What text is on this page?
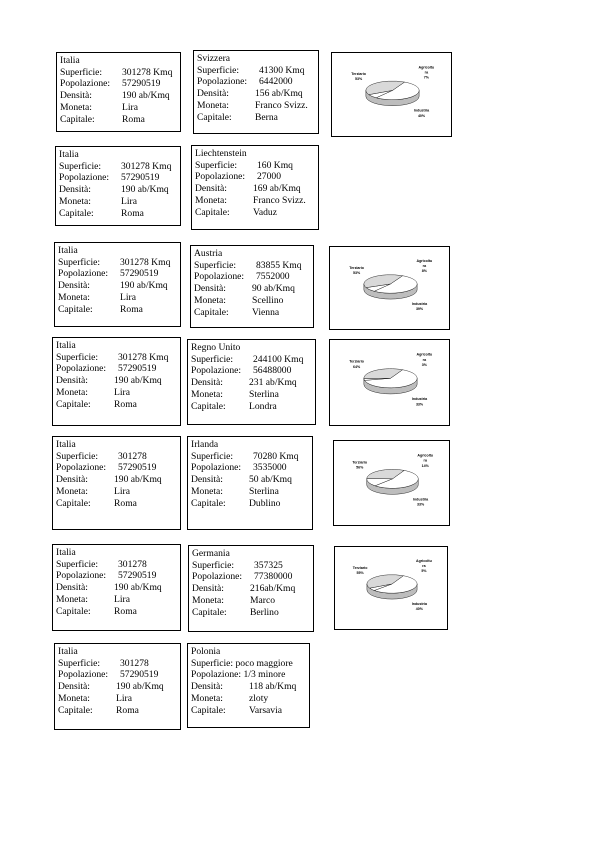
Italia
Superficie:	301278 Kmq
Popolazione:	57290519
Densità:	190 ab/Kmq
Moneta:	Lira
Capitale:	Roma
Italia
Superficie:	301278 Kmq
Popolazione:	57290519
Densità:	190 ab/Kmq
Moneta:	Lira
Capitale:	Roma
Italia
Superficie:	301278 Kmq
Popolazione:	57290519
Densità:	190 ab/Kmq
Moneta:	Lira
Capitale:	Roma
Italia
Superficie:	301278 Kmq
Popolazione:	57290519
Densità:	190 ab/Kmq
Moneta:	Lira
Capitale:	Roma
Italia
Superficie:	301278
Popolazione:	57290519
Densità:	190 ab/Kmq
Moneta:	Lira
Capitale:	Roma
Italia
Superficie:	301278
Popolazione:	57290519
Densità:	190 ab/Kmq
Moneta:	Lira
Capitale:	Roma
Italia
Superficie:	301278
Popolazione:	57290519
Densità:	190 ab/Kmq
Moneta:	Lira
Capitale:	Roma
Svizzera
Superficie:	41300 Kmq
Popolazione:	6442000
Densità:	156 ab/Kmq
Moneta:	Franco Svizz.
Capitale:	Berna
Liechtenstein
Superficie:	160 Kmq
Popolazione:	27000
Densità:	169 ab/Kmq
Moneta:	Franco Svizz.
Capitale:	Vaduz
Austria
Superficie:	83855 Kmq
Popolazione:	7552000
Densità:	90 ab/Kmq
Moneta:	Scellino
Capitale:	Vienna
Regno Unito
Superficie:	244100 Kmq
Popolazione:	56488000
Densità:	231 ab/Kmq
Moneta:	Sterlina
Capitale:	Londra
Irlanda
Superficie:	70280 Kmq
Popolazione:	3535000
Densità:	50 ab/Kmq
Moneta:	Sterlina
Capitale:	Dublino
Germania
Superficie:	357325
Popolazione:	77380000
Densità:	216ab/Kmq
Moneta:	Marco
Capitale:	Berlino
Polonia
Superficie:
poco maggiore
Popolazione:
1/3 minore
Densità:	118 ab/Kmq
Moneta:	zloty
Capitale:	Varsavia
Terziario
53%
Agricoltu
ra
7%
Industria
40%
Terziario
53%
Agricoltu
ra
8%
Industria
39%
Terziario
64%
Agricoltu
ra
3%
Industria
33%
Terziario
56%
Agricoltu
ra
14%
Industria
33%
Terziario
55%
Agricoltu
ra
5%
Industria
40%
